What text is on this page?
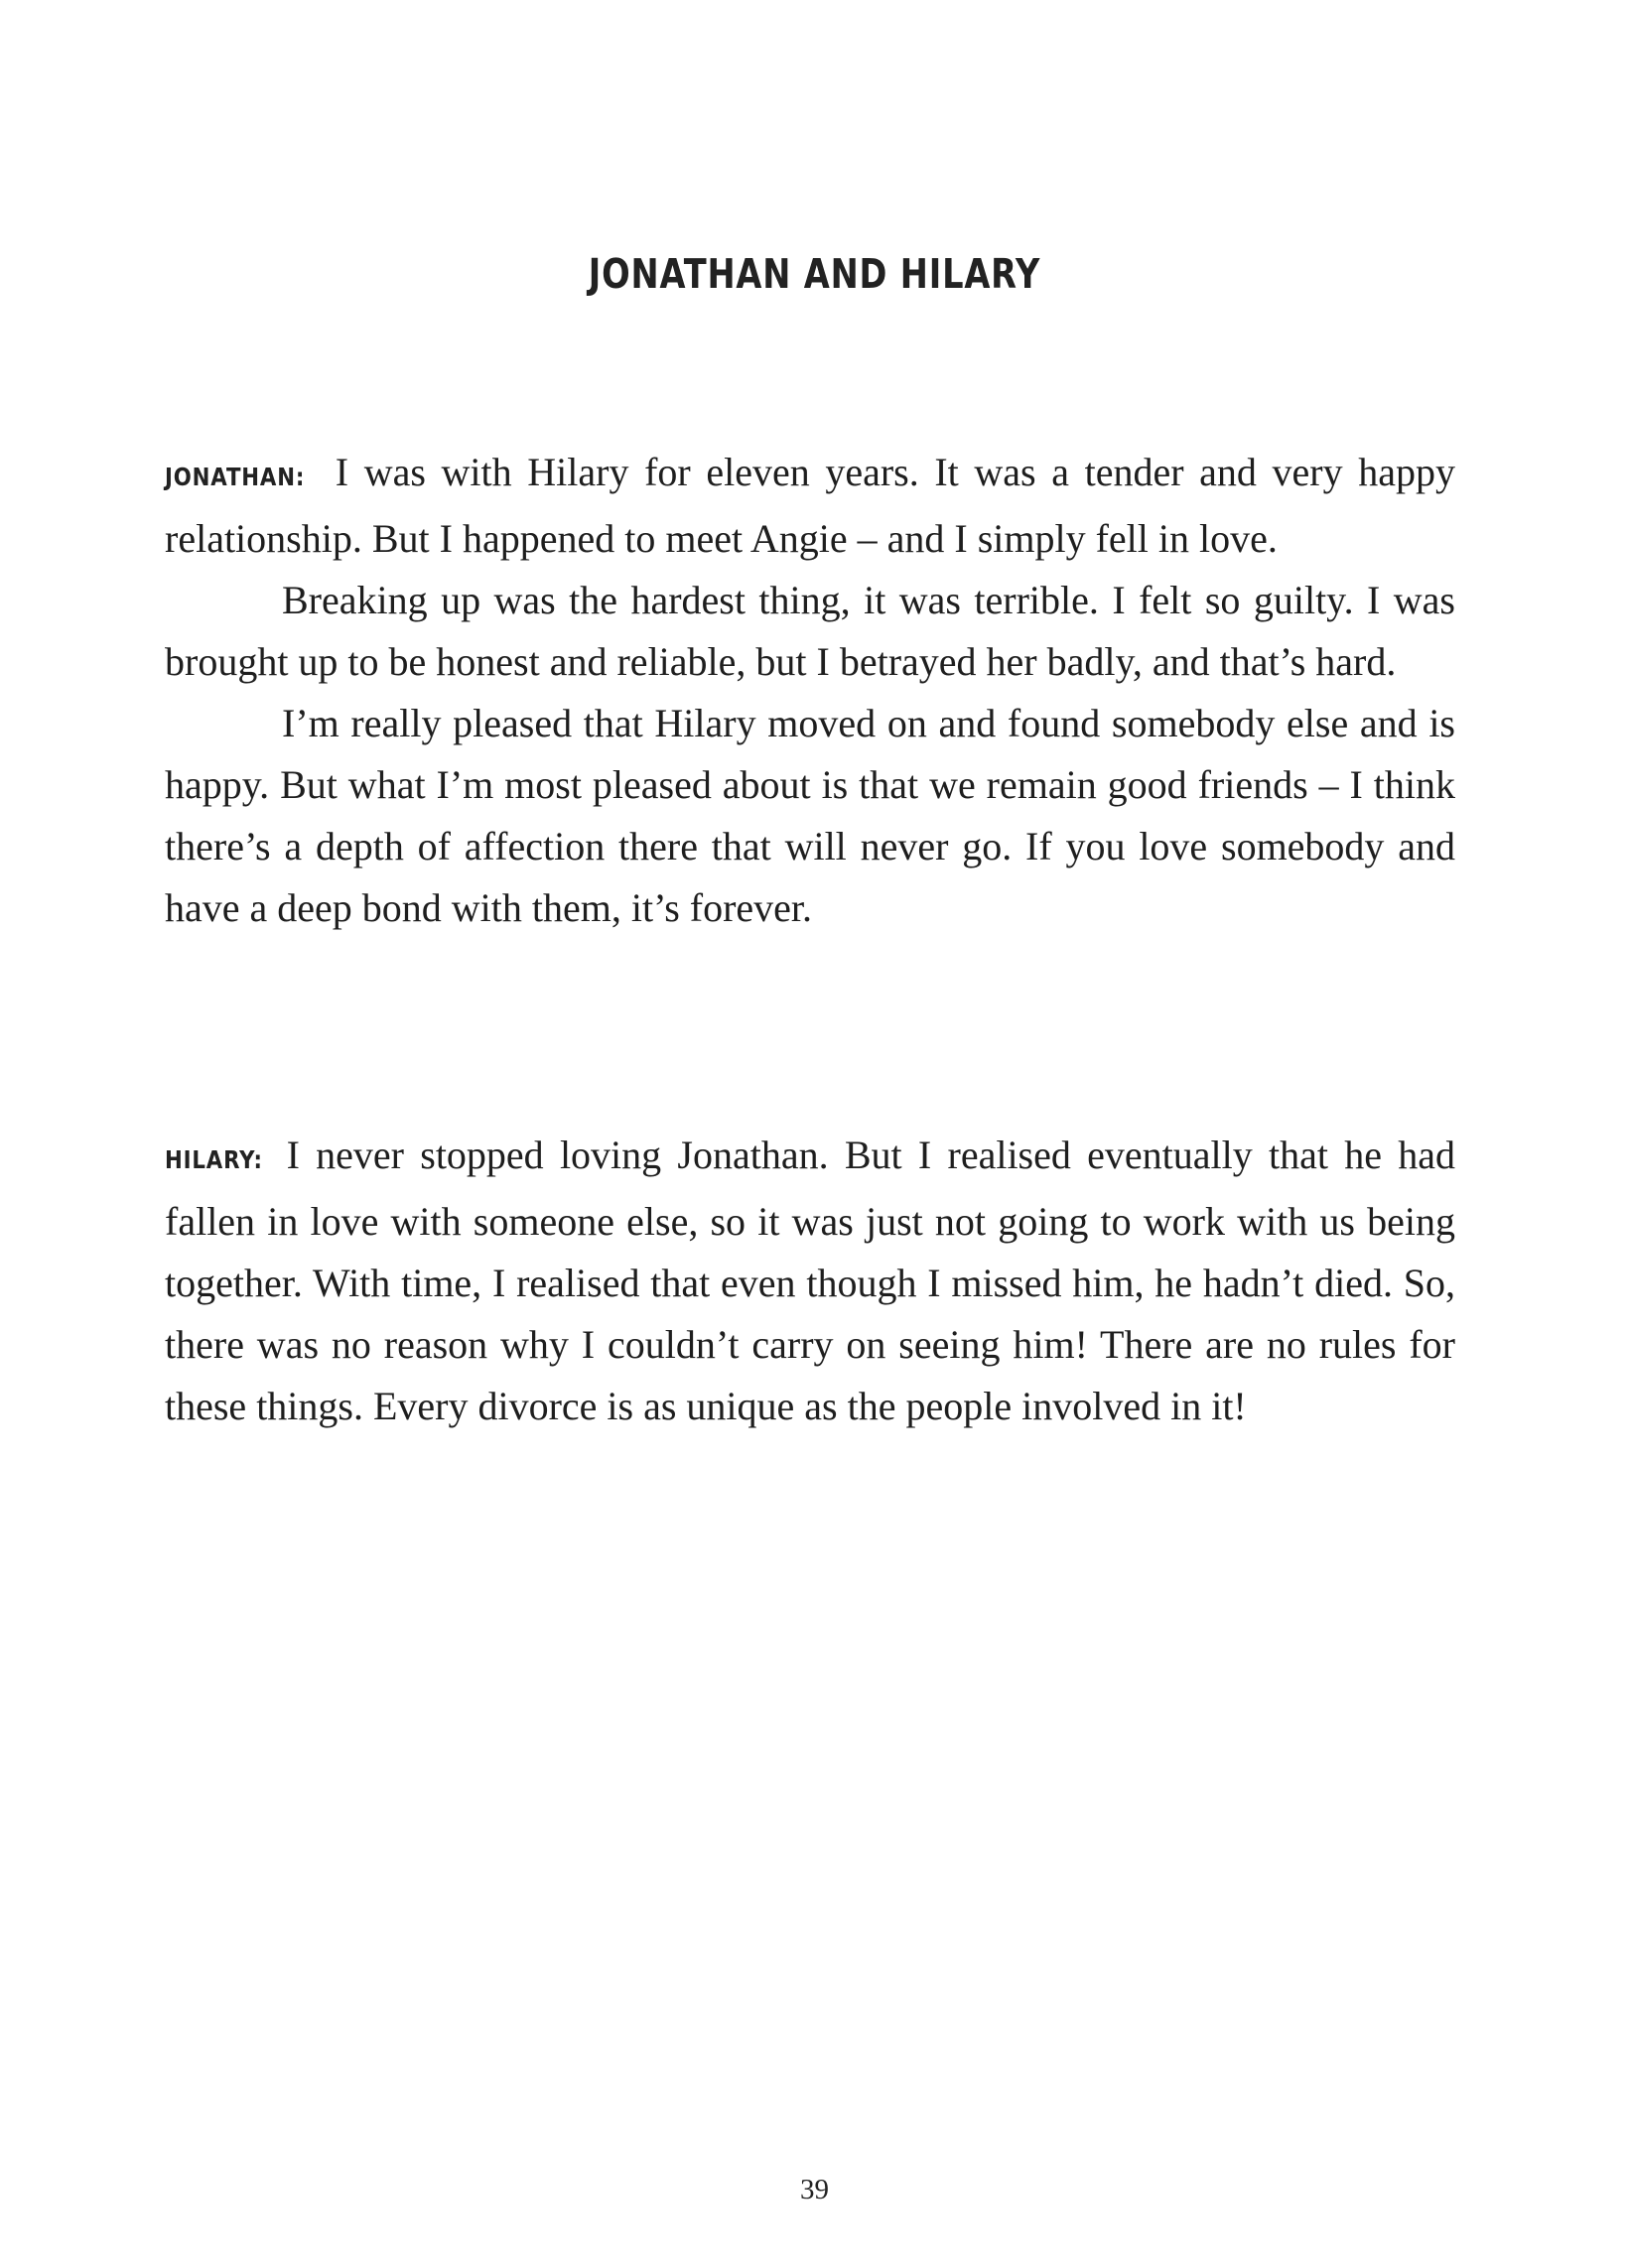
JONATHAN AND HILARY

JONATHAN: I was with Hilary for eleven years. It was a tender and very happy relationship. But I happened to meet Angie – and I simply fell in love.

Breaking up was the hardest thing, it was terrible. I felt so guilty. I was brought up to be honest and reliable, but I betrayed her badly, and that’s hard.

I’m really pleased that Hilary moved on and found somebody else and is happy. But what I’m most pleased about is that we remain good friends – I think there’s a depth of affection there that will never go. If you love somebody and have a deep bond with them, it’s forever.

HILARY: I never stopped loving Jonathan. But I realised eventually that he had fallen in love with someone else, so it was just not going to work with us being together. With time, I realised that even though I missed him, he hadn’t died. So, there was no reason why I couldn’t carry on seeing him! There are no rules for these things. Every divorce is as unique as the people involved in it!

39
